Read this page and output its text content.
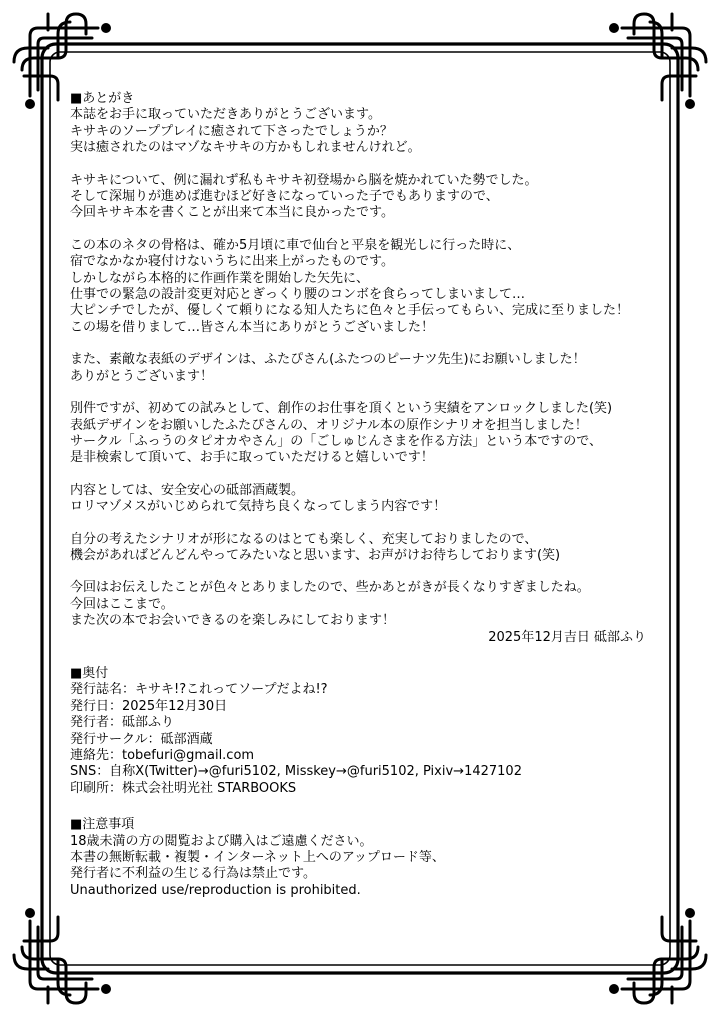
■あとがき
本誌をお手に取っていただきありがとうございます。
キサキのソーププレイに癒されて下さったでしょうか？
実は癒されたのはマゾなキサキの方かもしれませんけれど。
キサキについて、例に漏れず私もキサキ初登場から脳を焼かれていた勢でした。
そして深堀りが進めば進むほど好きになっていった子でもありますので、
今回キサキ本を書くことが出来て本当に良かったです。
この本のネタの骨格は、確か5月頃に車で仙台と平泉を観光しに行った時に、
宿でなかなか寝付けないうちに出来上がったものです。
しかしながら本格的に作画作業を開始した矢先に、
仕事での緊急の設計変更対応とぎっくり腰のコンボを食らってしまいまして…
大ピンチでしたが、優しくて頼りになる知人たちに色々と手伝ってもらい、完成に至りました！
この場を借りまして…皆さん本当にありがとうございました！
また、素敵な表紙のデザインは、ふたぴさん(ふたつのピーナツ先生)にお願いしました！
ありがとうございます！
別件ですが、初めての試みとして、創作のお仕事を頂くという実績をアンロックしました(笑)
表紙デザインをお願いしたふたぴさんの、オリジナル本の原作シナリオを担当しました！
サークル「ふっうのタピオカやさん」の「ごしゅじんさまを作る方法」という本ですので、
是非検索して頂いて、お手に取っていただけると嬉しいです！
内容としては、安全安心の砥部酒蔵製。
ロリマゾメスがいじめられて気持ち良くなってしまう内容です！
自分の考えたシナリオが形になるのはとても楽しく、充実しておりましたので、
機会があればどんどんやってみたいなと思います、お声がけお待ちしております(笑)
今回はお伝えしたことが色々とありましたので、些かあとがきが長くなりすぎましたね。
今回はここまで。
また次の本でお会いできるのを楽しみにしております！
2025年12月吉日 砥部ふり
■奥付
発行誌名：キサキ!?これってソープだよね!?
発行日：2025年12月30日
発行者：砥部ふり
発行サークル：砥部酒蔵
連絡先：tobefuri@gmail.com
SNS：自称X(Twitter)→@furi5102, Misskey→@furi5102, Pixiv→1427102
印刷所：株式会社明光社 STARBOOKS
■注意事項
18歳未満の方の閲覧および購入はご遠慮ください。
本書の無断転載・複製・インターネット上へのアップロード等、
発行者に不利益の生じる行為は禁止です。
Unauthorized use/reproduction is prohibited.
